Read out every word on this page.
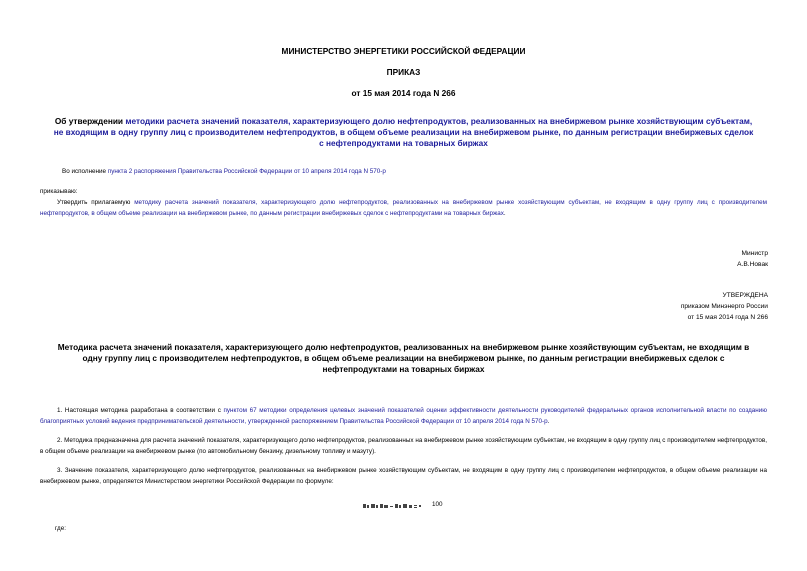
МИНИСТЕРСТВО ЭНЕРГЕТИКИ РОССИЙСКОЙ ФЕДЕРАЦИИ
ПРИКАЗ
от 15 мая 2014 года N 266
Об утверждении методики расчета значений показателя, характеризующего долю нефтепродуктов, реализованных на внебиржевом рынке хозяйствующим субъектам, не входящим в одну группу лиц с производителем нефтепродуктов, в общем объеме реализации на внебиржевом рынке, по данным регистрации внебиржевых сделок с нефтепродуктами на товарных биржах
Во исполнение пункта 2 распоряжения Правительства Российской Федерации от 10 апреля 2014 года N 570-р
приказываю:
Утвердить прилагаемую методику расчета значений показателя, характеризующего долю нефтепродуктов, реализованных на внебиржевом рынке хозяйствующим субъектам, не входящим в одну группу лиц с производителем нефтепродуктов, в общем объеме реализации на внебиржевом рынке, по данным регистрации внебиржевых сделок с нефтепродуктами на товарных биржах.
Министр
А.В.Новак
УТВЕРЖДЕНА
приказом Минэнерго России
от 15 мая 2014 года N 266
Методика расчета значений показателя, характеризующего долю нефтепродуктов, реализованных на внебиржевом рынке хозяйствующим субъектам, не входящим в одну группу лиц с производителем нефтепродуктов, в общем объеме реализации на внебиржевом рынке, по данным регистрации внебиржевых сделок с нефтепродуктами на товарных биржах
1. Настоящая методика разработана в соответствии с пунктом 67 методики определения целевых значений показателей оценки эффективности деятельности руководителей федеральных органов исполнительной власти по созданию благоприятных условий ведения предпринимательской деятельности, утвержденной распоряжением Правительства Российской Федерации от 10 апреля 2014 года N 570-р.
2. Методика предназначена для расчета значений показателя, характеризующего долю нефтепродуктов, реализованных на внебиржевом рынке хозяйствующим субъектам, не входящим в одну группу лиц с производителем нефтепродуктов, в общем объеме реализации на внебиржевом рынке (по автомобильному бензину, дизельному топливу и мазуту).
3. Значение показателя, характеризующего долю нефтепродуктов, реализованных на внебиржевом рынке хозяйствующим субъектам, не входящим в одну группу лиц с производителем нефтепродуктов, в общем объеме реализации на внебиржевом рынке, определяется Министерством энергетики Российской Федерации по формуле:
100
где:
